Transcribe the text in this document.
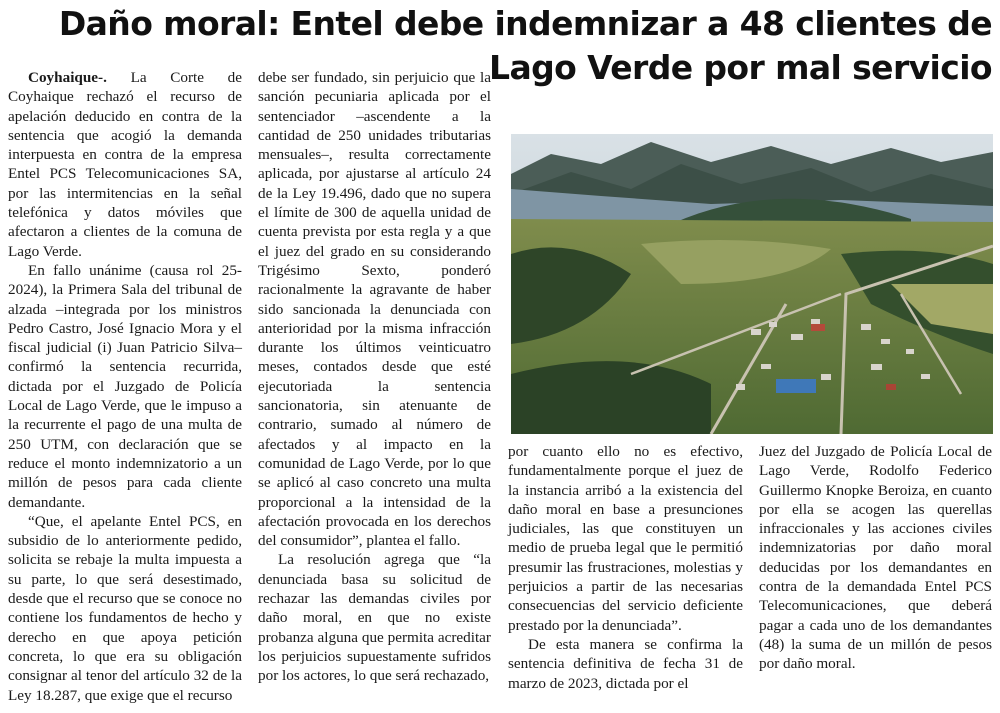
Daño moral: Entel debe indemnizar a 48 clientes de Lago Verde por mal servicio

Coyhaique-. La Corte de Coyhaique rechazó el recurso de apelación deducido en contra de la sentencia que acogió la demanda interpuesta en contra de la empresa Entel PCS Telecomunicaciones SA, por las intermitencias en la señal telefónica y datos móviles que afectaron a clientes de la comuna de Lago Verde.

En fallo unánime (causa rol 25-2024), la Primera Sala del tribunal de alzada –integrada por los ministros Pedro Castro, José Ignacio Mora y el fiscal judicial (i) Juan Patricio Silva– confirmó la sentencia recurrida, dictada por el Juzgado de Policía Local de Lago Verde, que le impuso a la recurrente el pago de una multa de 250 UTM, con declaración que se reduce el monto indemnizatorio a un millón de pesos para cada cliente demandante.

“Que, el apelante Entel PCS, en subsidio de lo anteriormente pedido, solicita se rebaje la multa impuesta a su parte, lo que será desestimado, desde que el recurso que se conoce no contiene los fundamentos de hecho y derecho en que apoya petición concreta, lo que era su obligación consignar al tenor del artículo 32 de la Ley 18.287, que exige que el recurso

debe ser fundado, sin perjuicio que la sanción pecuniaria aplicada por el sentenciador –ascendente a la cantidad de 250 unidades tributarias mensuales–, resulta correctamente aplicada, por ajustarse al artículo 24 de la Ley 19.496, dado que no supera el límite de 300 de aquella unidad de cuenta prevista por esta regla y a que el juez del grado en su considerando Trigésimo Sexto, ponderó racionalmente la agravante de haber sido sancionada la denunciada con anterioridad por la misma infracción durante los últimos veinticuatro meses, contados desde que esté ejecutoriada la sentencia sancionatoria, sin atenuante de contrario, sumado al número de afectados y al impacto en la comunidad de Lago Verde, por lo que se aplicó al caso concreto una multa proporcional a la intensidad de la afectación provocada en los derechos del consumidor”, plantea el fallo.

La resolución agrega que “la denunciada basa su solicitud de rechazar las demandas civiles por daño moral, en que no existe probanza alguna que permita acreditar los perjuicios supuestamente sufridos por los actores, lo que será rechazado,

por cuanto ello no es efectivo, fundamentalmente porque el juez de la instancia arribó a la existencia del daño moral en base a presunciones judiciales, las que constituyen un medio de prueba legal que le permitió presumir las frustraciones, molestias y perjuicios a partir de las necesarias consecuencias del servicio deficiente prestado por la denunciada”.

De esta manera se confirma la sentencia definitiva de fecha 31 de marzo de 2023, dictada por el

Juez del Juzgado de Policía Local de Lago Verde, Rodolfo Federico Guillermo Knopke Beroiza, en cuanto por ella se acogen las querellas infraccionales y las acciones civiles indemnizatorias por daño moral deducidas por los demandantes en contra de la demandada Entel PCS Telecomunicaciones, que deberá pagar a cada uno de los demandantes (48) la suma de un millón de pesos por daño moral.
